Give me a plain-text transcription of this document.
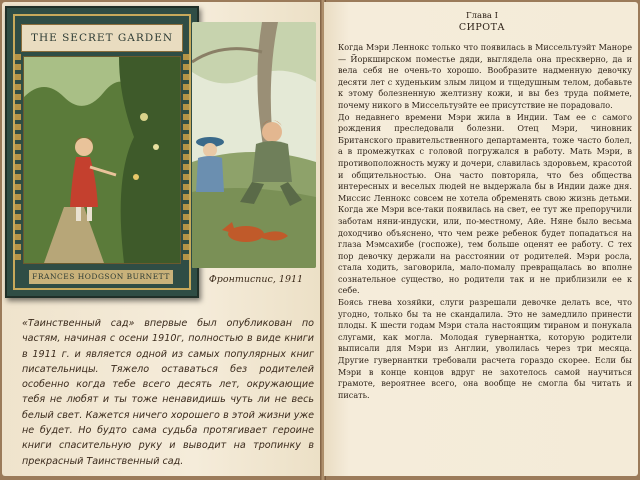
«Таинственный сад» впервые был опубликован по частям, начиная с осени 1910г, полностью в виде книги в 1911 г. и является одной из самых популярных книг писательницы. Тяжело оставаться без родителей особенно когда тебе всего десять лет, окружающие тебя не любят и ты тоже ненавидишь чуть ли не весь белый свет. Кажется ничего хорошего в этой жизни уже не будет. Но будто сама судьба протягивает героине книги спасительную руку и выводит на тропинку в прекрасный Таинственный сад.
THE SECRET GARDEN
FRANCES HODGSON BURNETT	Фронтиспис, 1911
Глава I
СИРОТА

Когда Мэри Леннокс только что появилась в Миссельтуэйт Маноре — Йоркширском поместье дяди, выглядела она прескверно, да и вела себя не очень-то хорошо. Вообразите надменную девочку десяти лет с худеньким злым лицом и тщедушным телом, добавьте к этому болезненную желтизну кожи, и вы без труда поймете, почему никого в Миссельтуэйте ее присутствие не порадовало.

До недавнего времени Мэри жила в Индии. Там ее с самого рождения преследовали болезни. Отец Мэри, чиновник Британского правительственного департамента, тоже часто болел, а в промежутках с головой погружался в работу. Мать Мэри, в противоположность мужу и дочери, славилась здоровьем, красотой и общительностью. Она часто повторяла, что без общества интересных и веселых людей не выдержала бы в Индии даже дня. Миссис Леннокс совсем не хотела обременять свою жизнь детьми. Когда же Мэри все-таки появилась на свет, ее тут же препоручили заботам няни-индуски, или, по-местному, Айе. Няне было весьма доходчиво объяснено, что чем реже ребенок будет попадаться на глаза Мэмсахибе (госпоже), тем больше оценят ее работу. С тех пор девочку держали на расстоянии от родителей. Мэри росла, стала ходить, заговорила, мало-помалу превращалась во вполне сознательное существо, но родители так и не приблизили ее к себе.

Боясь гнева хозяйки, слуги разрешали девочке делать все, что угодно, только бы та не скандалила. Это не замедлило принести плоды. К шести годам Мэри стала настоящим тираном и понукала слугами, как могла. Молодая гувернантка, которую родители выписали для Мэри из Англии, уволилась через три месяца. Другие гувернантки требовали расчета гораздо скорее. Если бы Мэри в конце концов вдруг не захотелось самой научиться грамоте, вероятнее всего, она вообще не смогла бы читать и писать.
